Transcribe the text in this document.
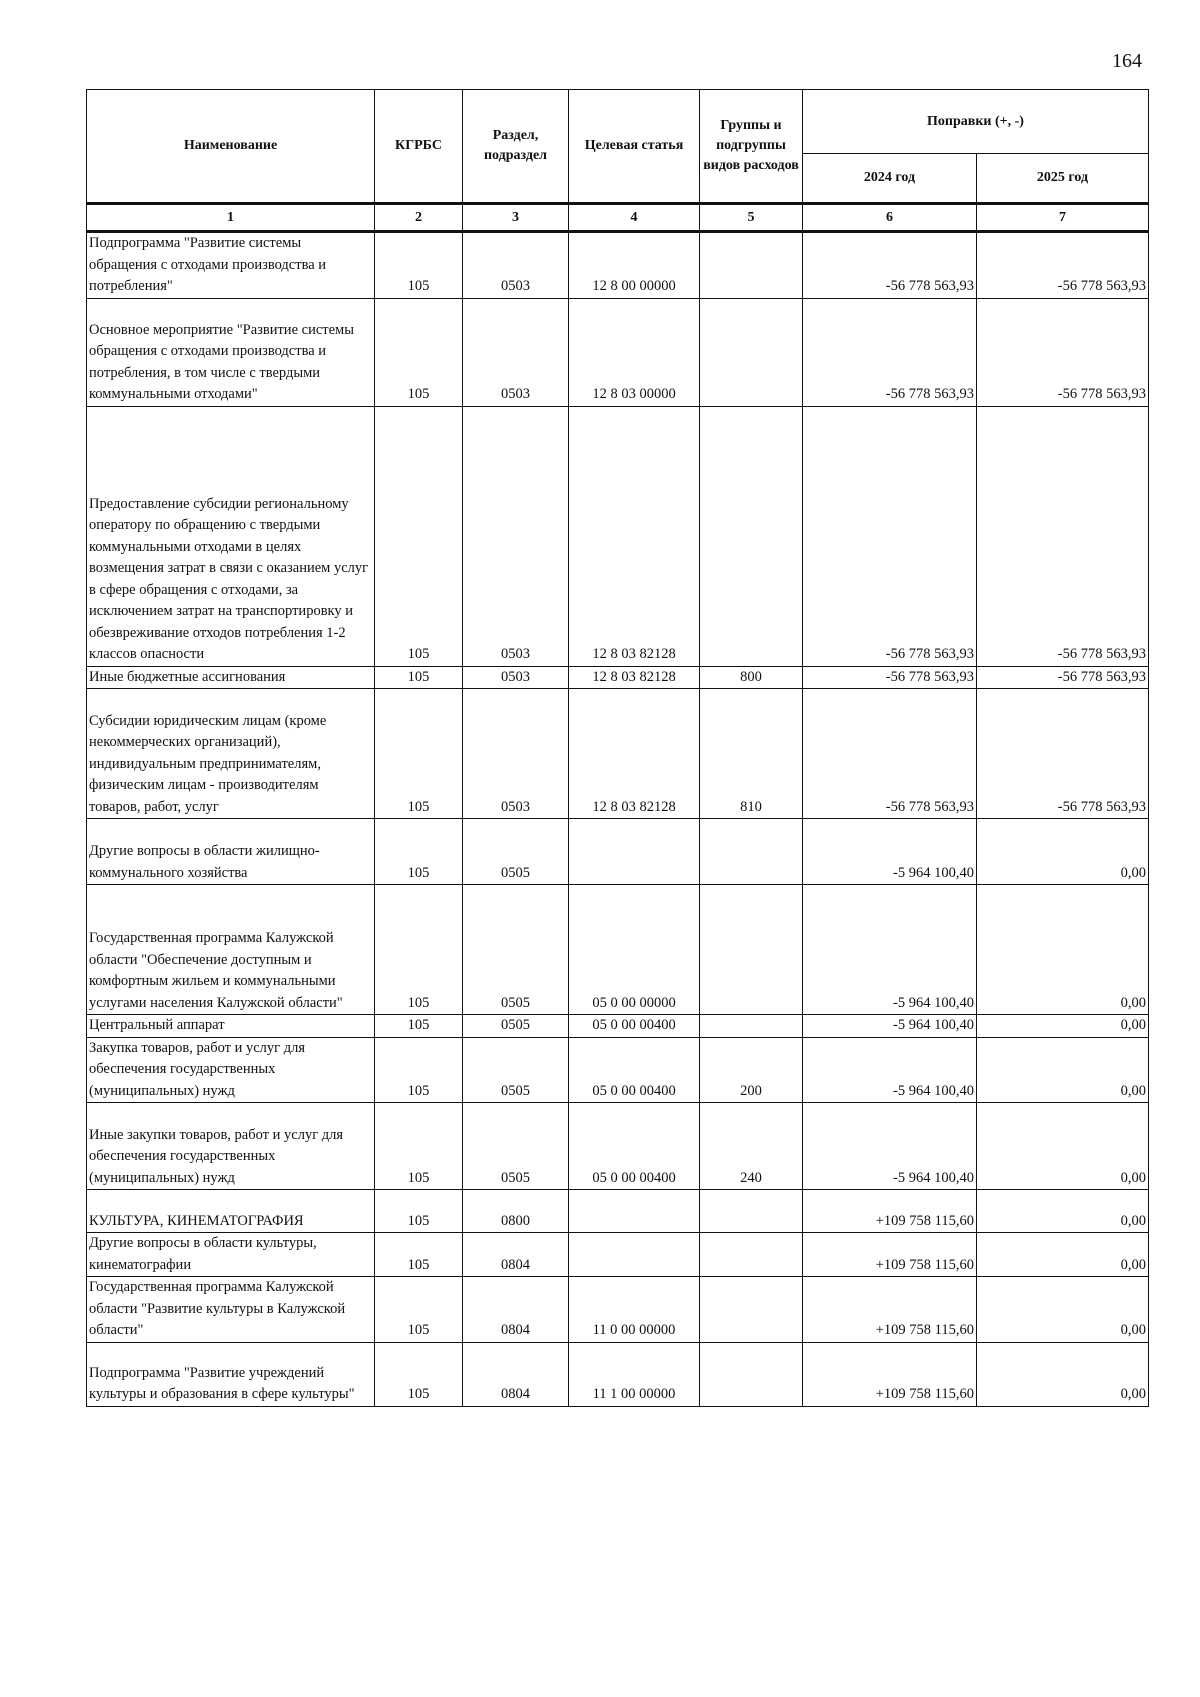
164
Наименование	КГРБС	Раздел, подраздел	Целевая статья	Группы и подгруппы видов расходов	Поправки (+, -)	
					2024 год	2025 год
1	2	3	4	5	6	7
Подпрограмма "Развитие системы обращения с отходами производства и потребления"	105	0503	12 8 00 00000		-56 778 563,93	-56 778 563,93
Основное мероприятие "Развитие системы обращения с отходами производства и потребления, в том числе с твердыми коммунальными отходами"	105	0503	12 8 03 00000		-56 778 563,93	-56 778 563,93
Предоставление субсидии региональному оператору по обращению с твердыми коммунальными отходами в целях возмещения затрат в связи с оказанием услуг в сфере обращения с отходами, за исключением затрат на транспортировку и обезвреживание отходов потребления 1-2 классов опасности	105	0503	12 8 03 82128		-56 778 563,93	-56 778 563,93
Иные бюджетные ассигнования	105	0503	12 8 03 82128	800	-56 778 563,93	-56 778 563,93
Субсидии юридическим лицам (кроме некоммерческих организаций), индивидуальным предпринимателям, физическим лицам - производителям товаров, работ, услуг	105	0503	12 8 03 82128	810	-56 778 563,93	-56 778 563,93
Другие вопросы в области жилищно-коммунального хозяйства	105	0505			-5 964 100,40	0,00
Государственная программа Калужской области "Обеспечение доступным и комфортным жильем и коммунальными услугами населения Калужской области"	105	0505	05 0 00 00000		-5 964 100,40	0,00
Центральный аппарат	105	0505	05 0 00 00400		-5 964 100,40	0,00
Закупка товаров, работ и услуг для обеспечения государственных (муниципальных) нужд	105	0505	05 0 00 00400	200	-5 964 100,40	0,00
Иные закупки товаров, работ и услуг для обеспечения государственных (муниципальных) нужд	105	0505	05 0 00 00400	240	-5 964 100,40	0,00
КУЛЬТУРА, КИНЕМАТОГРАФИЯ	105	0800			+109 758 115,60	0,00
Другие вопросы в области культуры, кинематографии	105	0804			+109 758 115,60	0,00
Государственная программа Калужской области "Развитие культуры в Калужской области"	105	0804	11 0 00 00000		+109 758 115,60	0,00
Подпрограмма "Развитие учреждений культуры и образования в сфере культуры"	105	0804	11 1 00 00000		+109 758 115,60	0,00
